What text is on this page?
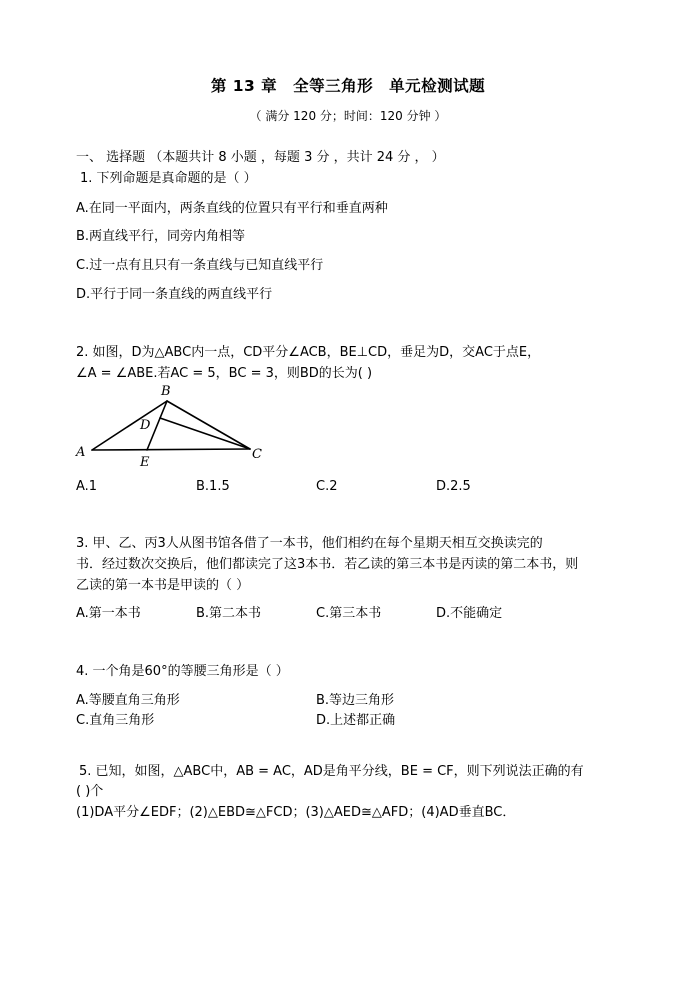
第 13 章　全等三角形　单元检测试题
（ 满分 120 分；时间：120 分钟 ）
一、 选择题 （本题共计 8 小题 ，每题 3 分 ，共计 24 分 ， ）
1. 下列命题是真命题的是（ ）
A.在同一平面内，两条直线的位置只有平行和垂直两种
B.两直线平行，同旁内角相等
C.过一点有且只有一条直线与已知直线平行
D.平行于同一条直线的两直线平行
2. 如图，D为△ABC内一点，CD平分∠ACB，BE⊥CD，垂足为D，交AC于点E，
∠A = ∠ABE.若AC = 5，BC = 3，则BD的长为( )
B
D
A
E
C
A.1	B.1.5	C.2	D.2.5
3. 甲、乙、丙3人从图书馆各借了一本书，他们相约在每个星期天相互交换读完的
书．经过数次交换后，他们都读完了这3本书．若乙读的第三本书是丙读的第二本书，则
乙读的第一本书是甲读的（ ）
A.第一本书	B.第二本书	C.第三本书	D.不能确定
4. 一个角是60°的等腰三角形是（ ）
A.等腰直角三角形	B.等边三角形
C.直角三角形	D.上述都正确
5. 已知，如图，△ABC中，AB = AC，AD是角平分线，BE = CF，则下列说法正确的有
( )个
(1)DA平分∠EDF；(2)△EBD≅△FCD；(3)△AED≅△AFD；(4)AD垂直BC．
